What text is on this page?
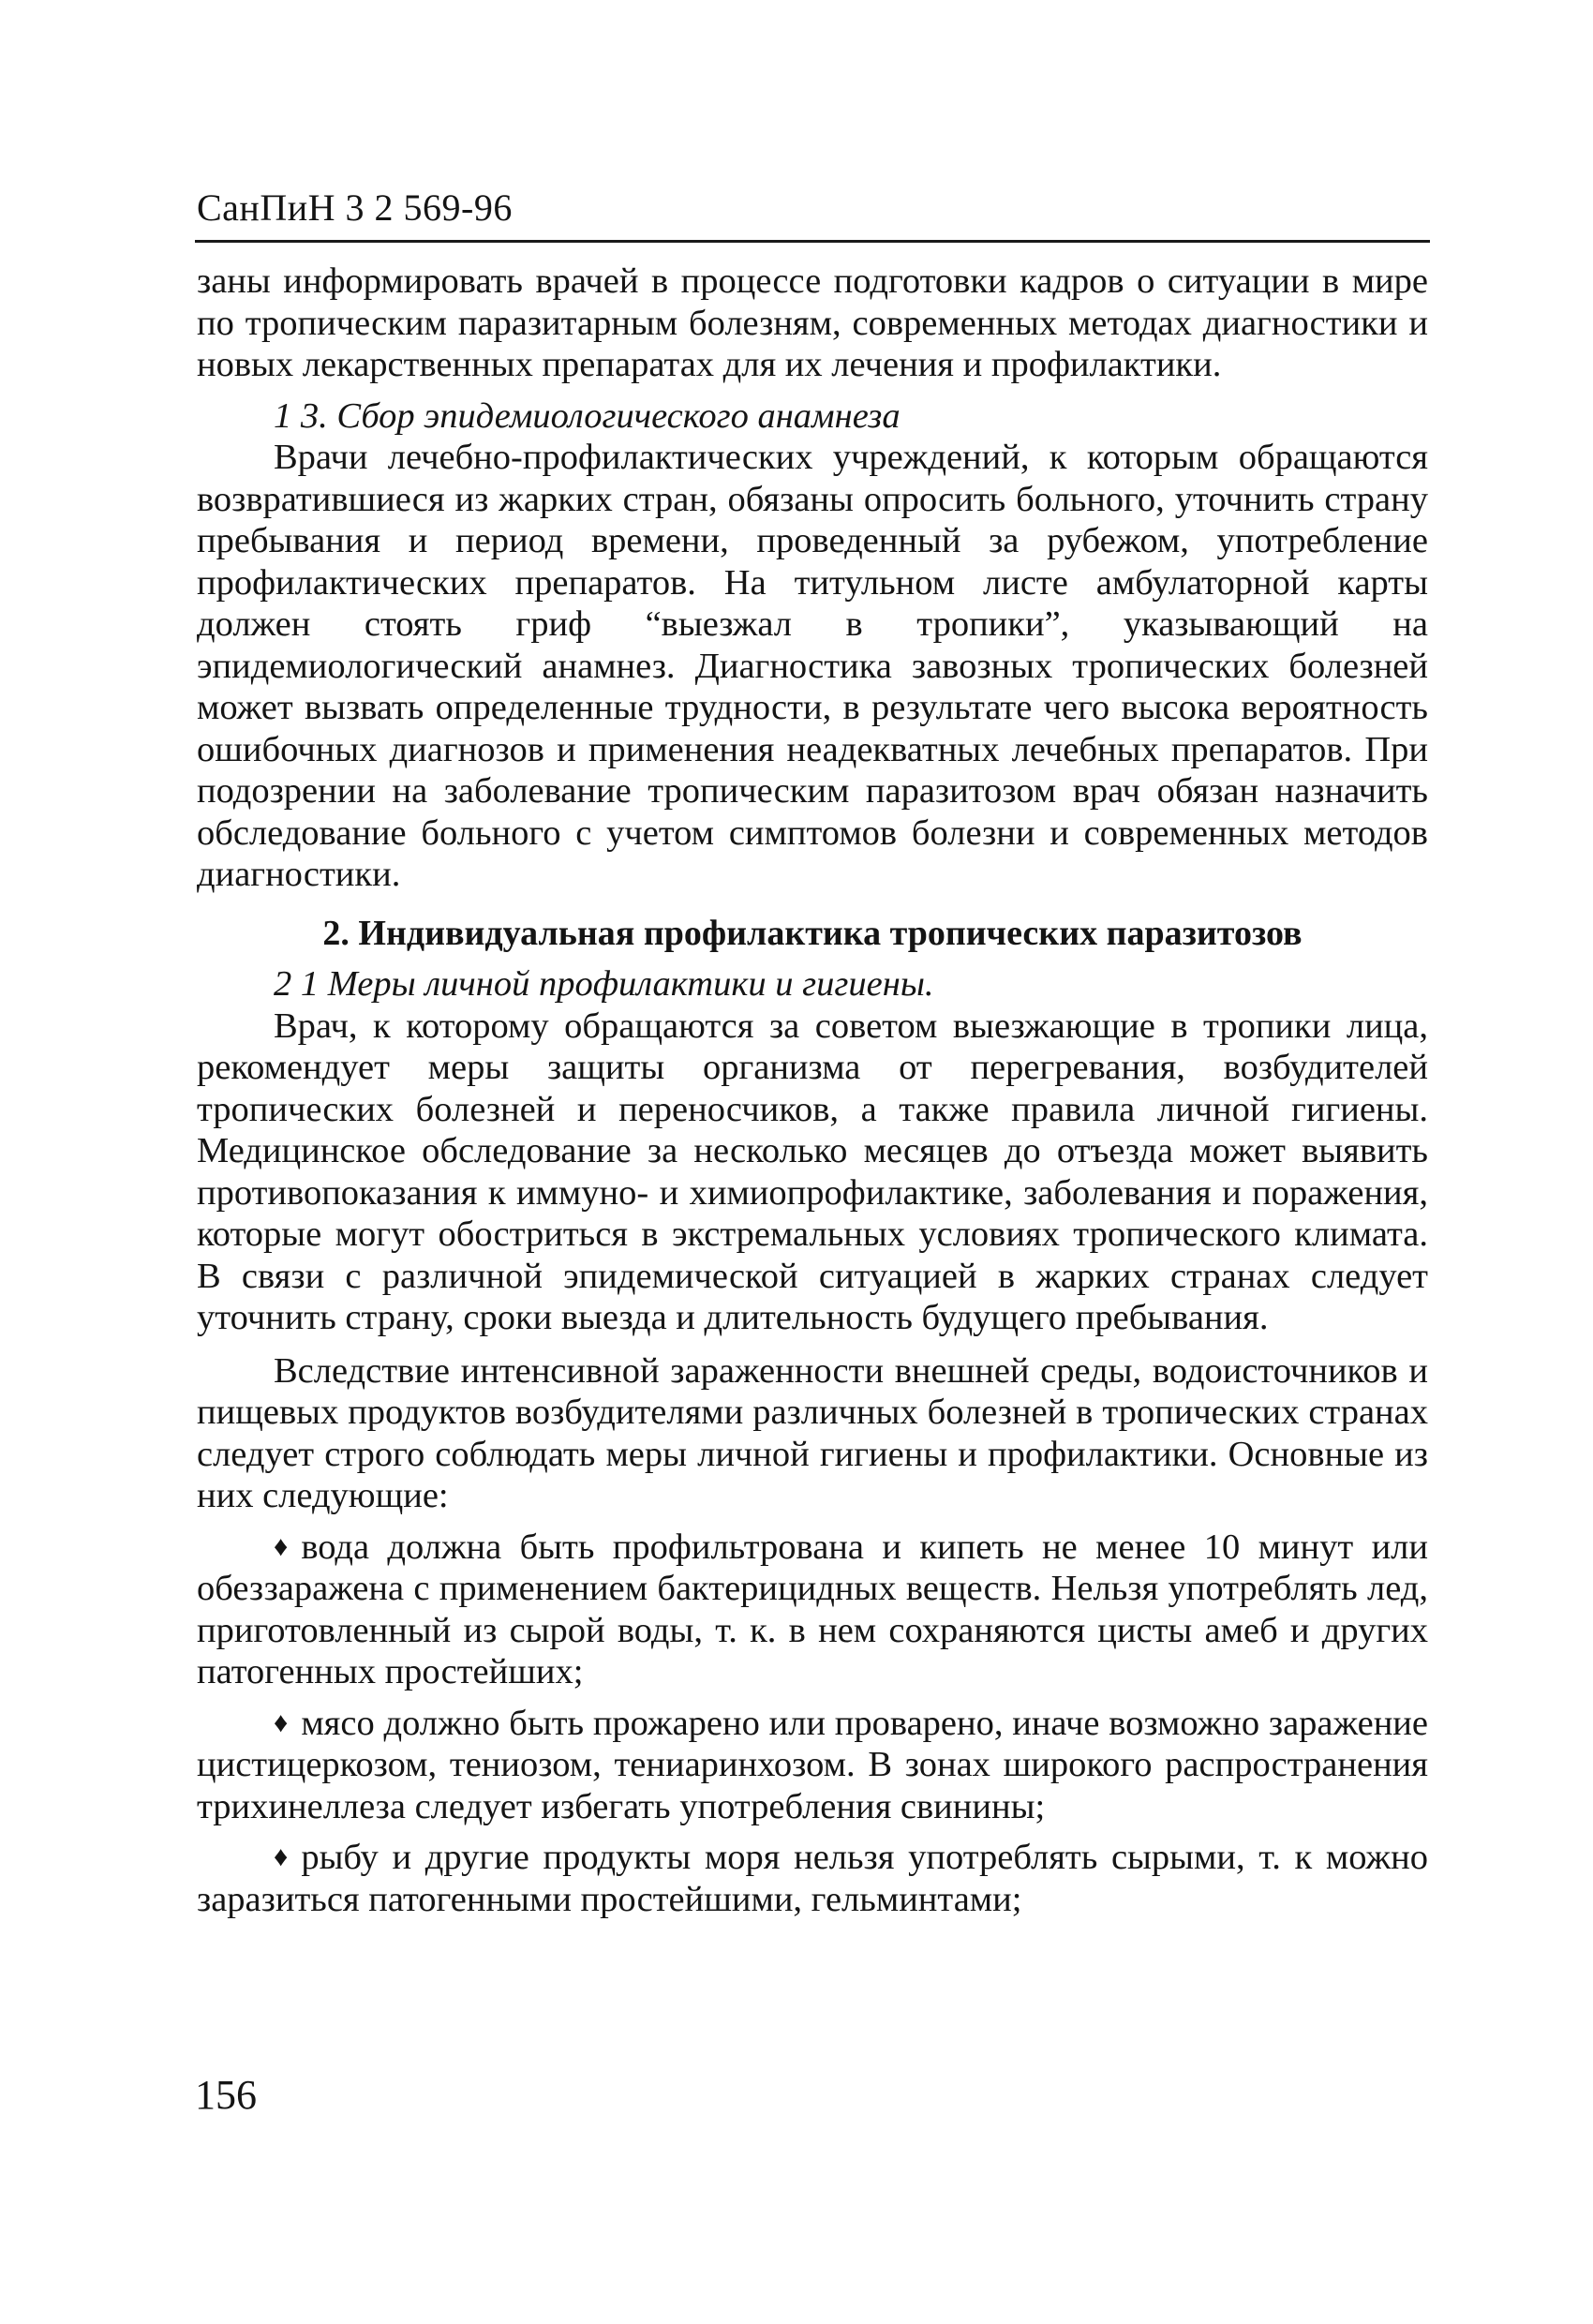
СанПиН 3 2 569-96

заны информировать врачей в процессе подготовки кадров о ситуации в мире по тропическим паразитарным болезням, современных методах диагностики и новых лекарственных препаратах для их лечения и профилактики.

1 3. Сбор эпидемиологического анамнеза

Врачи лечебно-профилактических учреждений, к которым обращаются возвратившиеся из жарких стран, обязаны опросить больного, уточнить страну пребывания и период времени, проведенный за рубежом, употребление профилактических препаратов. На титульном листе амбулаторной карты должен стоять гриф “выезжал в тропики”, указывающий на эпидемиологический анамнез. Диагностика завозных тропических болезней может вызвать определенные трудности, в результате чего высока вероятность ошибочных диагнозов и применения неадекватных лечебных препаратов. При подозрении на заболевание тропическим паразитозом врач обязан назначить обследование больного с учетом симптомов болезни и современных методов диагностики.

2. Индивидуальная профилактика тропических паразитозов

2 1 Меры личной профилактики и гигиены.

Врач, к которому обращаются за советом выезжающие в тропики лица, рекомендует меры защиты организма от перегревания, возбудителей тропических болезней и переносчиков, а также правила личной гигиены. Медицинское обследование за несколько месяцев до отъезда может выявить противопоказания к иммуно- и химиопрофилактике, заболевания и поражения, которые могут обостриться в экстремальных условиях тропического климата. В связи с различной эпидемической ситуацией в жарких странах следует уточнить страну, сроки выезда и длительность будущего пребывания.

Вследствие интенсивной зараженности внешней среды, водоисточников и пищевых продуктов возбудителями различных болезней в тропических странах следует строго соблюдать меры личной гигиены и профилактики. Основные из них следующие:

♦ вода должна быть профильтрована и кипеть не менее 10 минут или обеззаражена с применением бактерицидных веществ. Нельзя употреблять лед, приготовленный из сырой воды, т. к. в нем сохраняются цисты амеб и других патогенных простейших;

♦ мясо должно быть прожарено или проварено, иначе возможно заражение цистицеркозом, тениозом, тениаринхозом. В зонах широкого распространения трихинеллеза следует избегать употребления свинины;

♦ рыбу и другие продукты моря нельзя употреблять сырыми, т. к можно заразиться патогенными простейшими, гельминтами;

156
